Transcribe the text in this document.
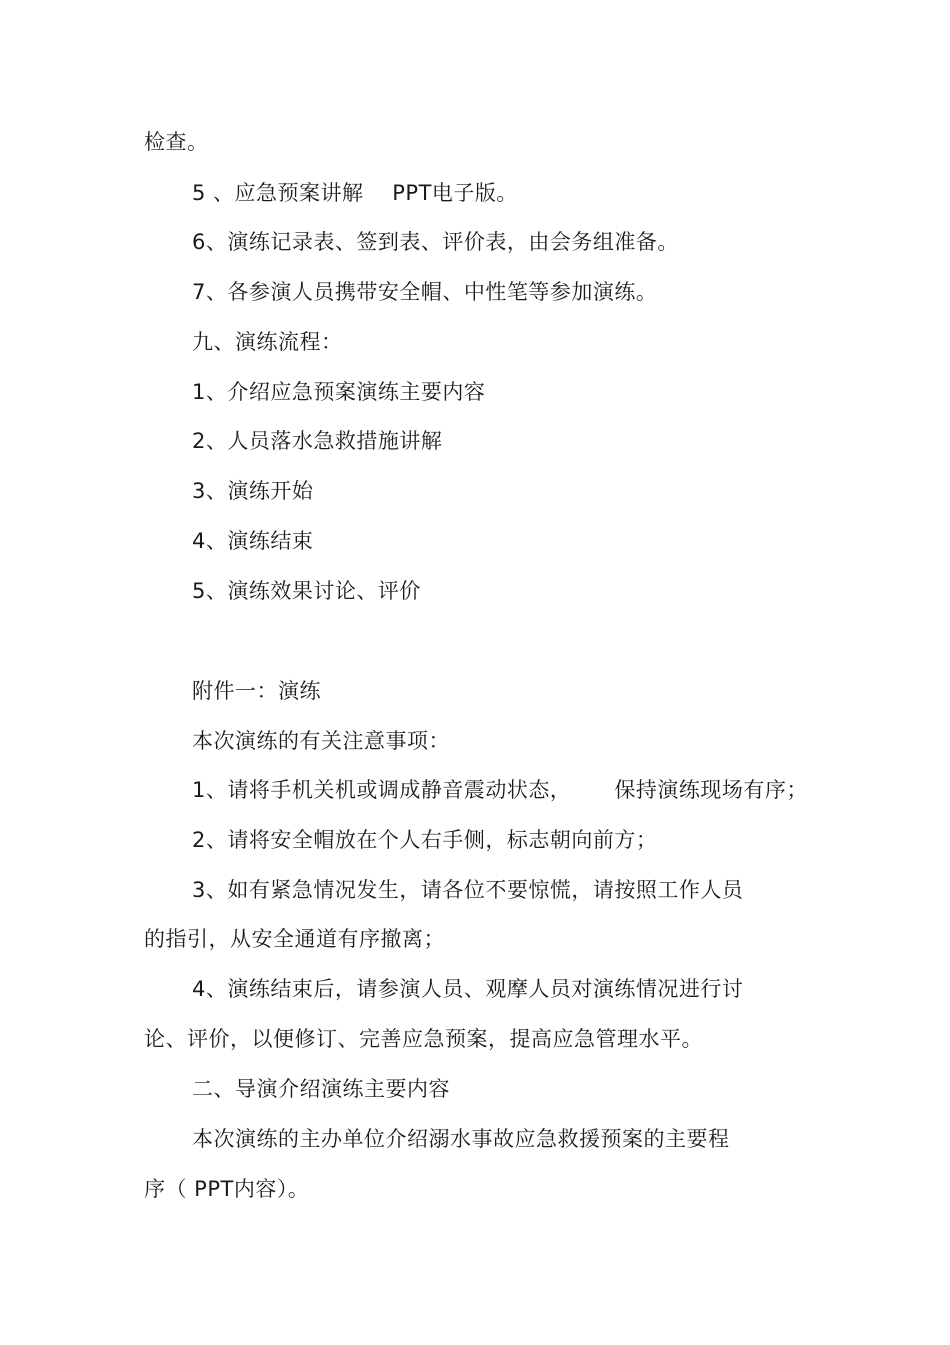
检查。
5 、应急预案讲解    PPT电子版。
6、演练记录表、签到表、评价表，由会务组准备。
7、各参演人员携带安全帽、中性笔等参加演练。
九、演练流程：
1、介绍应急预案演练主要内容
2、人员落水急救措施讲解
3、演练开始
4、演练结束
5、演练效果讨论、评价
附件一：演练
本次演练的有关注意事项：
1、请将手机关机或调成静音震动状态，      保持演练现场有序；
2、请将安全帽放在个人右手侧，标志朝向前方；
3、如有紧急情况发生，请各位不要惊慌，请按照工作人员
的指引，从安全通道有序撤离；
4、演练结束后，请参演人员、观摩人员对演练情况进行讨
论、评价，以便修订、完善应急预案，提高应急管理水平。
二、导演介绍演练主要内容
本次演练的主办单位介绍溺水事故应急救援预案的主要程
序（ PPT内容）。
